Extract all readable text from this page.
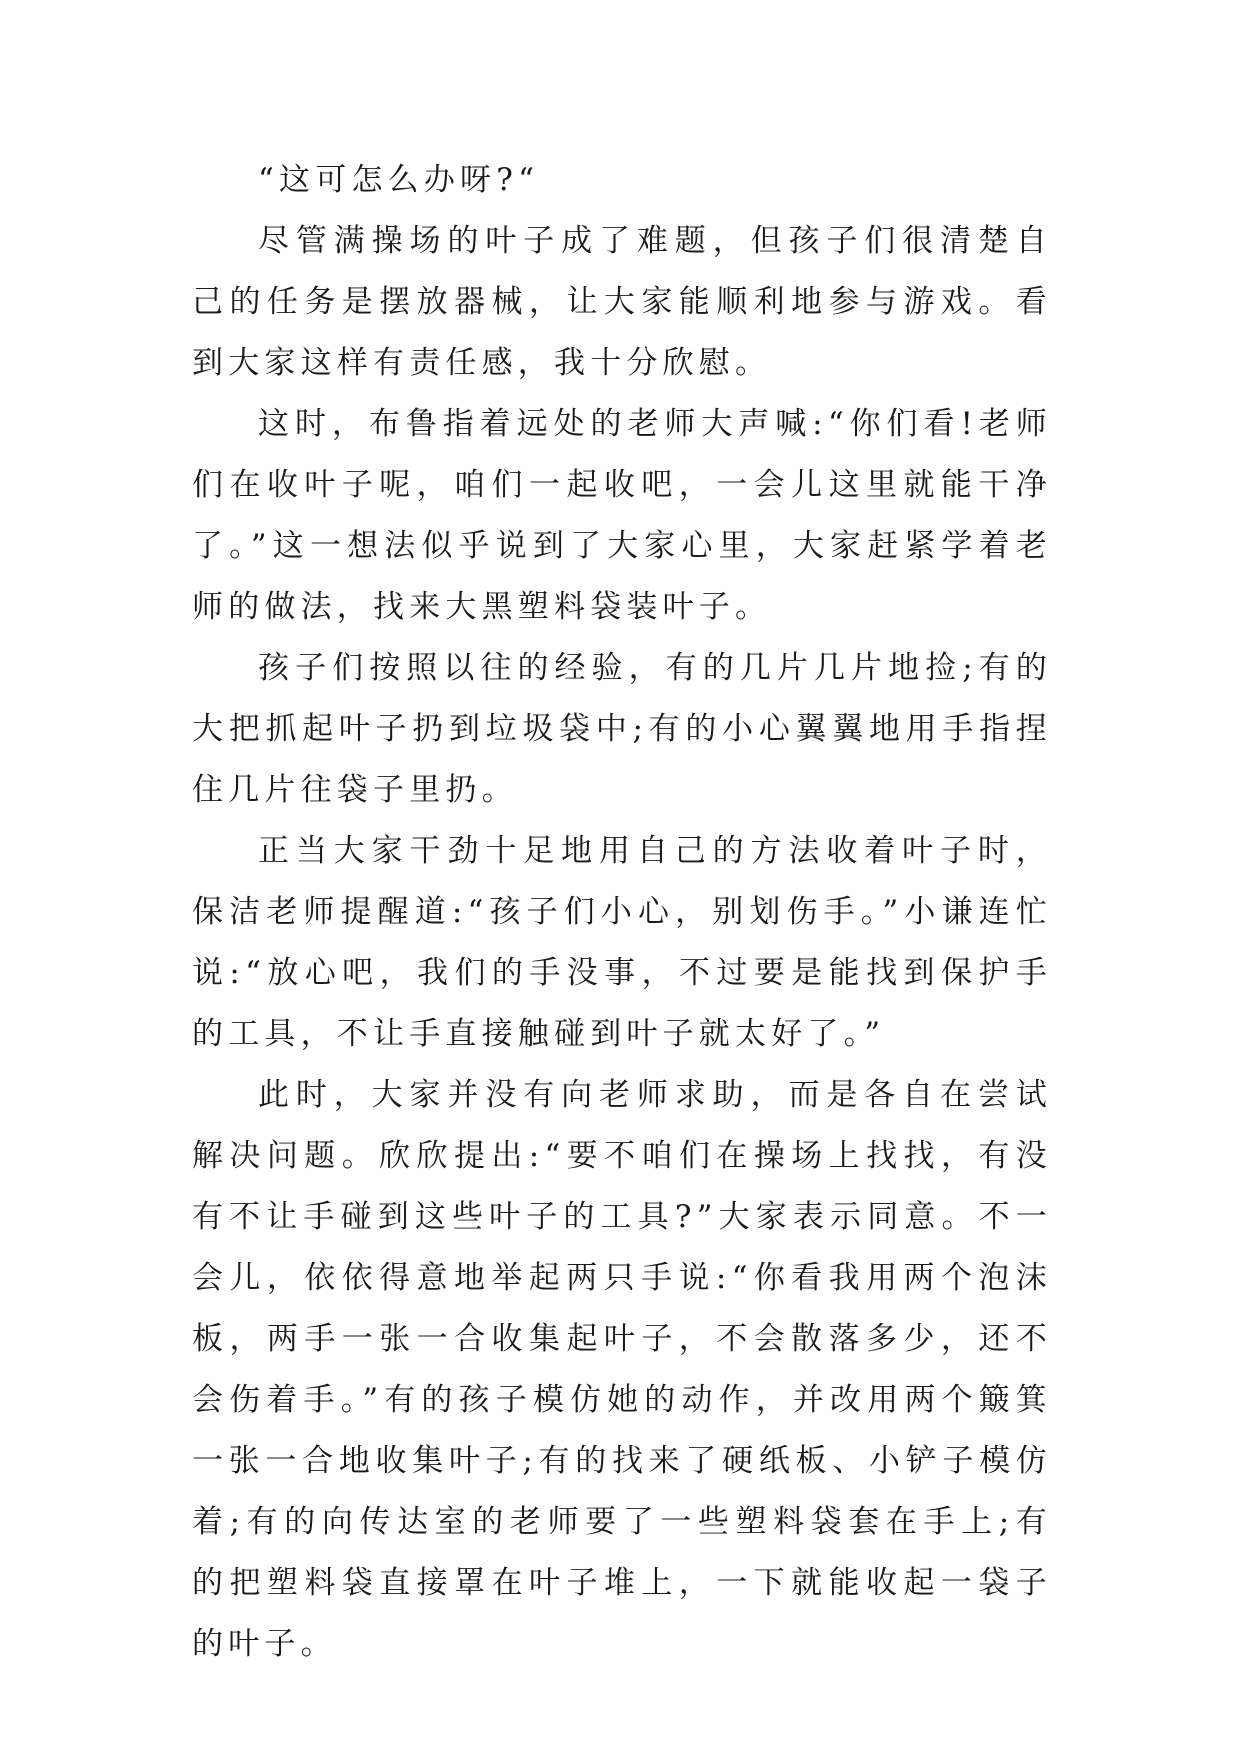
“这可怎么办呀?“

尽管满操场的叶子成了难题，但孩子们很清楚自己的任务是摆放器械，让大家能顺利地参与游戏。看到大家这样有责任感，我十分欣慰。

这时，布鲁指着远处的老师大声喊:“你们看!老师们在收叶子呢，咱们一起收吧，一会儿这里就能干净了。”这一想法似乎说到了大家心里，大家赶紧学着老师的做法，找来大黑塑料袋装叶子。

孩子们按照以往的经验，有的几片几片地捡;有的大把抓起叶子扔到垃圾袋中;有的小心翼翼地用手指捏住几片往袋子里扔。

正当大家干劲十足地用自己的方法收着叶子时，保洁老师提醒道:“孩子们小心，别划伤手。”小谦连忙说:“放心吧，我们的手没事，不过要是能找到保护手的工具，不让手直接触碰到叶子就太好了。”

此时，大家并没有向老师求助，而是各自在尝试解决问题。欣欣提出:“要不咱们在操场上找找，有没有不让手碰到这些叶子的工具?”大家表示同意。不一会儿，依依得意地举起两只手说:“你看我用两个泡沫板，两手一张一合收集起叶子，不会散落多少，还不会伤着手。”有的孩子模仿她的动作，并改用两个簸箕一张一合地收集叶子;有的找来了硬纸板、小铲子模仿着;有的向传达室的老师要了一些塑料袋套在手上;有的把塑料袋直接罩在叶子堆上，一下就能收起一袋子的叶子。
